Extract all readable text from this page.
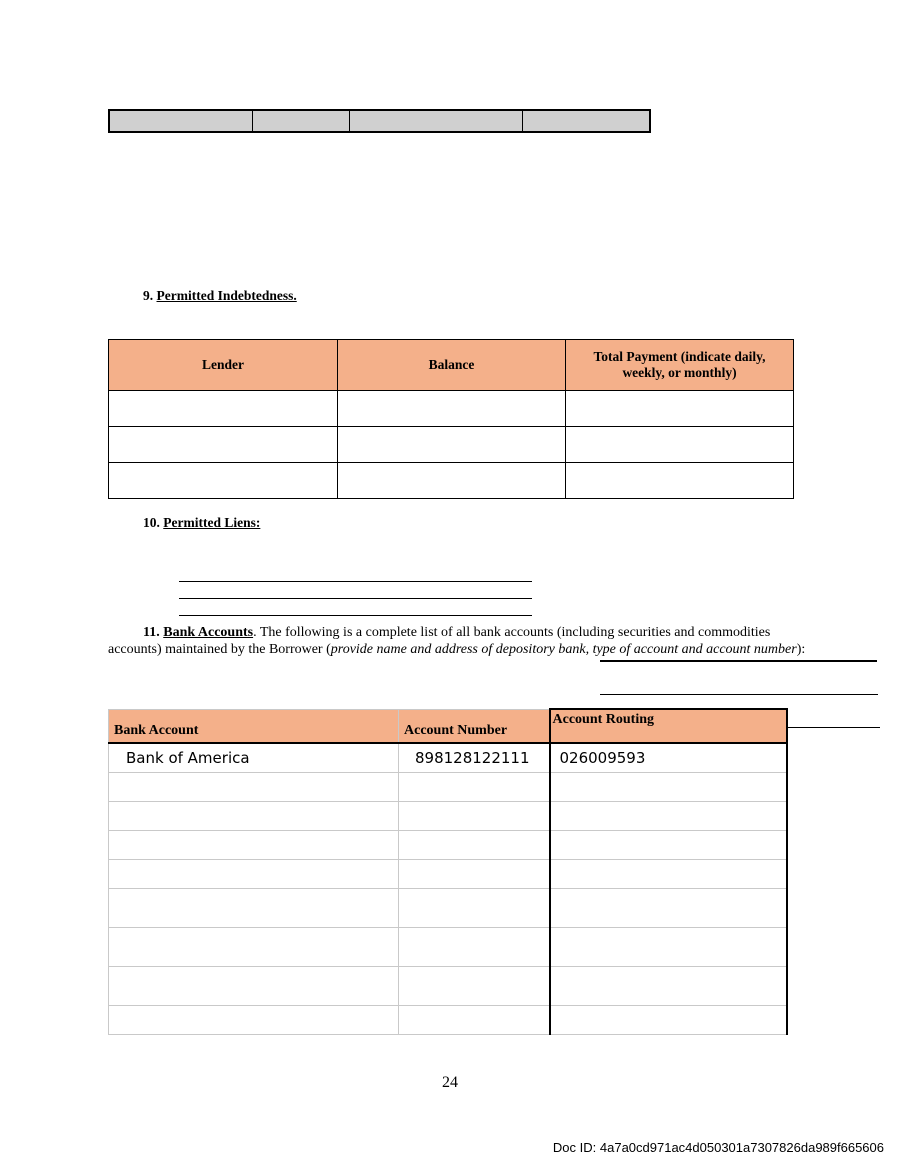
9. Permitted Indebtedness.
Lender	Balance	Total Payment (indicate daily, weekly, or monthly)

10. Permitted Liens:
11. Bank Accounts. The following is a complete list of all bank accounts (including securities and commodities accounts) maintained by the Borrower (provide name and address of depository bank, type of account and account number):
Bank Account	Account Number	Account Routing
Bank of America	898128122111	026009593

24
Doc ID: 4a7a0cd971ac4d050301a7307826da989f665606
